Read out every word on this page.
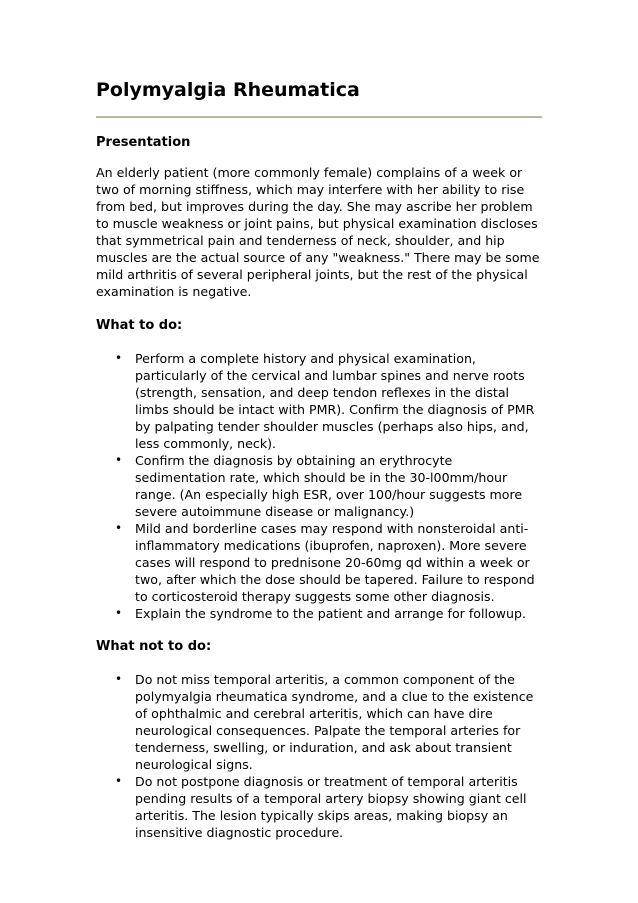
Polymyalgia Rheumatica
Presentation

An elderly patient (more commonly female) complains of a week or two of morning stiffness, which may interfere with her ability to rise from bed, but improves during the day. She may ascribe her problem to muscle weakness or joint pains, but physical examination discloses that symmetrical pain and tenderness of neck, shoulder, and hip muscles are the actual source of any "weakness." There may be some mild arthritis of several peripheral joints, but the rest of the physical examination is negative.

What to do:
• Perform a complete history and physical examination, particularly of the cervical and lumbar spines and nerve roots (strength, sensation, and deep tendon reflexes in the distal limbs should be intact with PMR). Confirm the diagnosis of PMR by palpating tender shoulder muscles (perhaps also hips, and, less commonly, neck).
• Confirm the diagnosis by obtaining an erythrocyte sedimentation rate, which should be in the 30-l00mm/hour range. (An especially high ESR, over 100/hour suggests more severe autoimmune disease or malignancy.)
• Mild and borderline cases may respond with nonsteroidal anti-inflammatory medications (ibuprofen, naproxen). More severe cases will respond to prednisone 20-60mg qd within a week or two, after which the dose should be tapered. Failure to respond to corticosteroid therapy suggests some other diagnosis.
• Explain the syndrome to the patient and arrange for followup.
What not to do:
• Do not miss temporal arteritis, a common component of the polymyalgia rheumatica syndrome, and a clue to the existence of ophthalmic and cerebral arteritis, which can have dire neurological consequences. Palpate the temporal arteries for tenderness, swelling, or induration, and ask about transient neurological signs.
• Do not postpone diagnosis or treatment of temporal arteritis pending results of a temporal artery biopsy showing giant cell arteritis. The lesion typically skips areas, making biopsy an insensitive diagnostic procedure.
